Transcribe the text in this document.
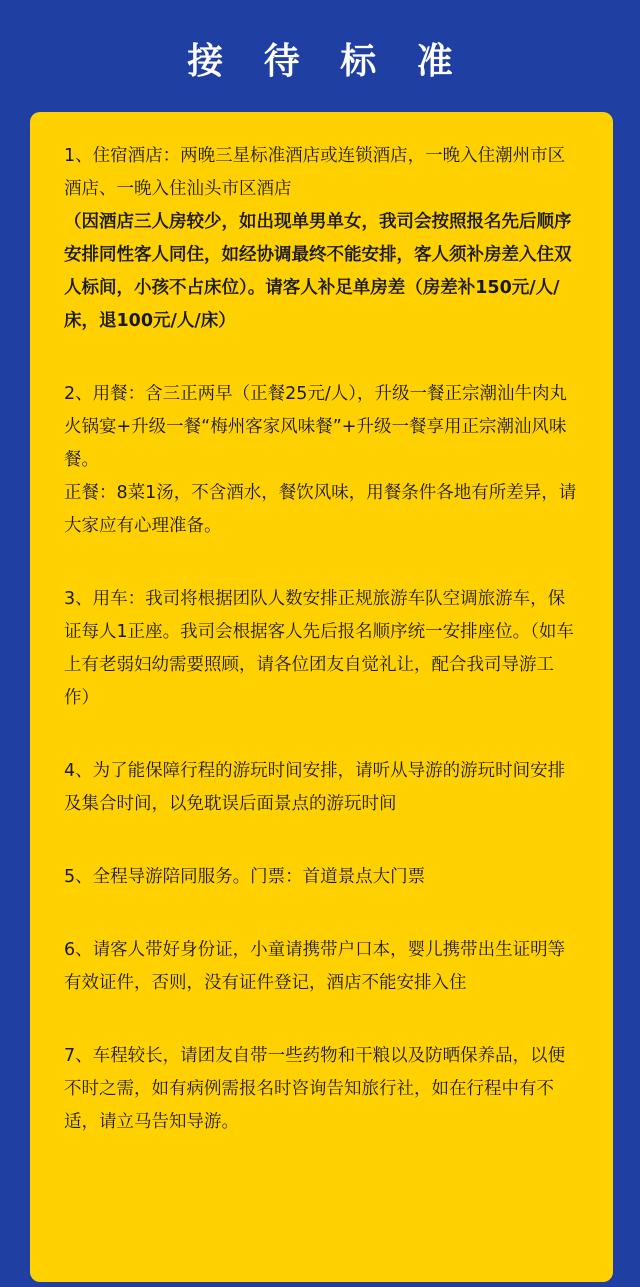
接 待 标 准

1、住宿酒店：两晚三星标准酒店或连锁酒店，一晚入住潮州市区酒店、一晚入住汕头市区酒店

（因酒店三人房较少，如出现单男单女，我司会按照报名先后顺序安排同性客人同住，如经协调最终不能安排，客人须补房差入住双人标间，小孩不占床位）。请客人补足单房差（房差补150元/人/床，退100元/人/床）

2、用餐：含三正两早（正餐25元/人），升级一餐正宗潮汕牛肉丸火锅宴+升级一餐“梅州客家风味餐”+升级一餐享用正宗潮汕风味餐。

正餐：8菜1汤，不含酒水，餐饮风味，用餐条件各地有所差异，请大家应有心理准备。

3、用车：我司将根据团队人数安排正规旅游车队空调旅游车，保证每人1正座。我司会根据客人先后报名顺序统一安排座位。（如车上有老弱妇幼需要照顾，请各位团友自觉礼让，配合我司导游工作）

4、为了能保障行程的游玩时间安排，请听从导游的游玩时间安排及集合时间，以免耽误后面景点的游玩时间

5、全程导游陪同服务。门票：首道景点大门票

6、请客人带好身份证，小童请携带户口本，婴儿携带出生证明等有效证件，否则，没有证件登记，酒店不能安排入住

7、车程较长，请团友自带一些药物和干粮以及防晒保养品，以便不时之需，如有病例需报名时咨询告知旅行社，如在行程中有不适，请立马告知导游。
